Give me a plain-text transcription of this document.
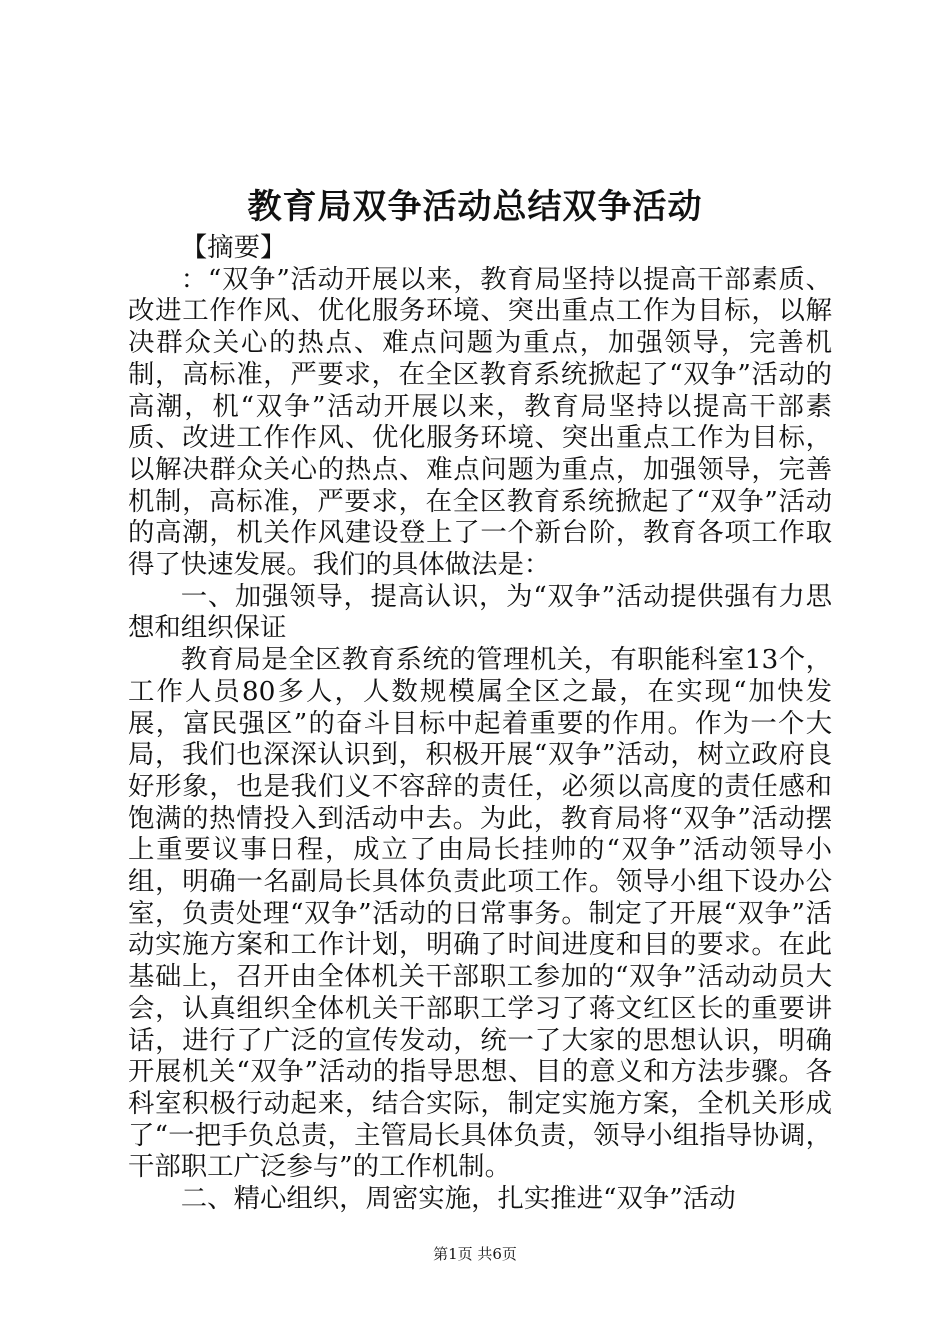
教育局双争活动总结双争活动

【摘要】

：“双争”活动开展以来，教育局坚持以提高干部素质、改进工作作风、优化服务环境、突出重点工作为目标，以解决群众关心的热点、难点问题为重点，加强领导，完善机制，高标准，严要求，在全区教育系统掀起了“双争”活动的高潮，机“双争”活动开展以来，教育局坚持以提高干部素质、改进工作作风、优化服务环境、突出重点工作为目标，以解决群众关心的热点、难点问题为重点，加强领导，完善机制，高标准，严要求，在全区教育系统掀起了“双争”活动的高潮，机关作风建设登上了一个新台阶，教育各项工作取得了快速发展。我们的具体做法是：

一、加强领导，提高认识，为“双争”活动提供强有力思想和组织保证

教育局是全区教育系统的管理机关，有职能科室13个，工作人员80多人，人数规模属全区之最，在实现“加快发展，富民强区”的奋斗目标中起着重要的作用。作为一个大局，我们也深深认识到，积极开展“双争”活动，树立政府良好形象，也是我们义不容辞的责任，必须以高度的责任感和饱满的热情投入到活动中去。为此，教育局将“双争”活动摆上重要议事日程，成立了由局长挂帅的“双争”活动领导小组，明确一名副局长具体负责此项工作。领导小组下设办公室，负责处理“双争”活动的日常事务。制定了开展“双争”活动实施方案和工作计划，明确了时间进度和目的要求。在此基础上，召开由全体机关干部职工参加的“双争”活动动员大会，认真组织全体机关干部职工学习了蒋文红区长的重要讲话，进行了广泛的宣传发动，统一了大家的思想认识，明确开展机关“双争”活动的指导思想、目的意义和方法步骤。各科室积极行动起来，结合实际，制定实施方案，全机关形成了“一把手负总责，主管局长具体负责，领导小组指导协调，干部职工广泛参与”的工作机制。

二、精心组织，周密实施，扎实推进“双争”活动

第1页 共6页
